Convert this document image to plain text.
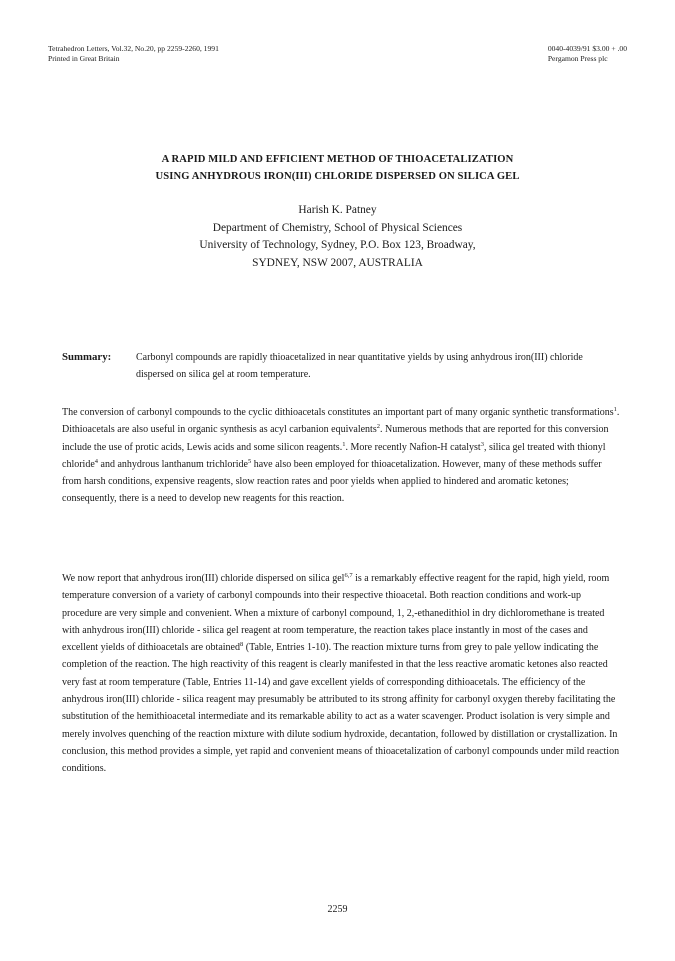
Tetrahedron Letters, Vol.32, No.20, pp 2259-2260, 1991
Printed in Great Britain
0040-4039/91 $3.00 + .00
Pergamon Press plc
A RAPID MILD AND EFFICIENT METHOD OF THIOACETALIZATION
USING ANHYDROUS IRON(III) CHLORIDE DISPERSED ON SILICA GEL
Harish K. Patney
Department of Chemistry, School of Physical Sciences
University of Technology, Sydney, P.O. Box 123, Broadway,
SYDNEY, NSW 2007, AUSTRALIA
Summary: Carbonyl compounds are rapidly thioacetalized in near quantitative yields by using anhydrous iron(III) chloride dispersed on silica gel at room temperature.
The conversion of carbonyl compounds to the cyclic dithioacetals constitutes an important part of many organic synthetic transformations$^1$. Dithioacetals are also useful in organic synthesis as acyl carbanion equivalents$^2$. Numerous methods that are reported for this conversion include the use of protic acids, Lewis acids and some silicon reagents.$^1$. More recently Nafion-H catalyst$^3$, silica gel treated with thionyl chloride$^4$ and anhydrous lanthanum trichloride$^5$ have also been employed for thioacetalization. However, many of these methods suffer from harsh conditions, expensive reagents, slow reaction rates and poor yields when applied to hindered and aromatic ketones; consequently, there is a need to develop new reagents for this reaction.
We now report that anhydrous iron(III) chloride dispersed on silica gel$^{6,7}$ is a remarkably effective reagent for the rapid, high yield, room temperature conversion of a variety of carbonyl compounds into their respective thioacetal. Both reaction conditions and work-up procedure are very simple and convenient. When a mixture of carbonyl compound, 1, 2,-ethanedithiol in dry dichloromethane is treated with anhydrous iron(III) chloride - silica gel reagent at room temperature, the reaction takes place instantly in most of the cases and excellent yields of dithioacetals are obtained$^8$ (Table, Entries 1-10). The reaction mixture turns from grey to pale yellow indicating the completion of the reaction. The high reactivity of this reagent is clearly manifested in that the less reactive aromatic ketones also reacted very fast at room temperature (Table, Entries 11-14) and gave excellent yields of corresponding dithioacetals. The efficiency of the anhydrous iron(III) chloride - silica reagent may presumably be attributed to its strong affinity for carbonyl oxygen thereby facilitating the substitution of the hemithioacetal intermediate and its remarkable ability to act as a water scavenger. Product isolation is very simple and merely involves quenching of the reaction mixture with dilute sodium hydroxide, decantation, followed by distillation or crystallization. In conclusion, this method provides a simple, yet rapid and convenient means of thioacetalization of carbonyl compounds under mild reaction conditions.
2259
